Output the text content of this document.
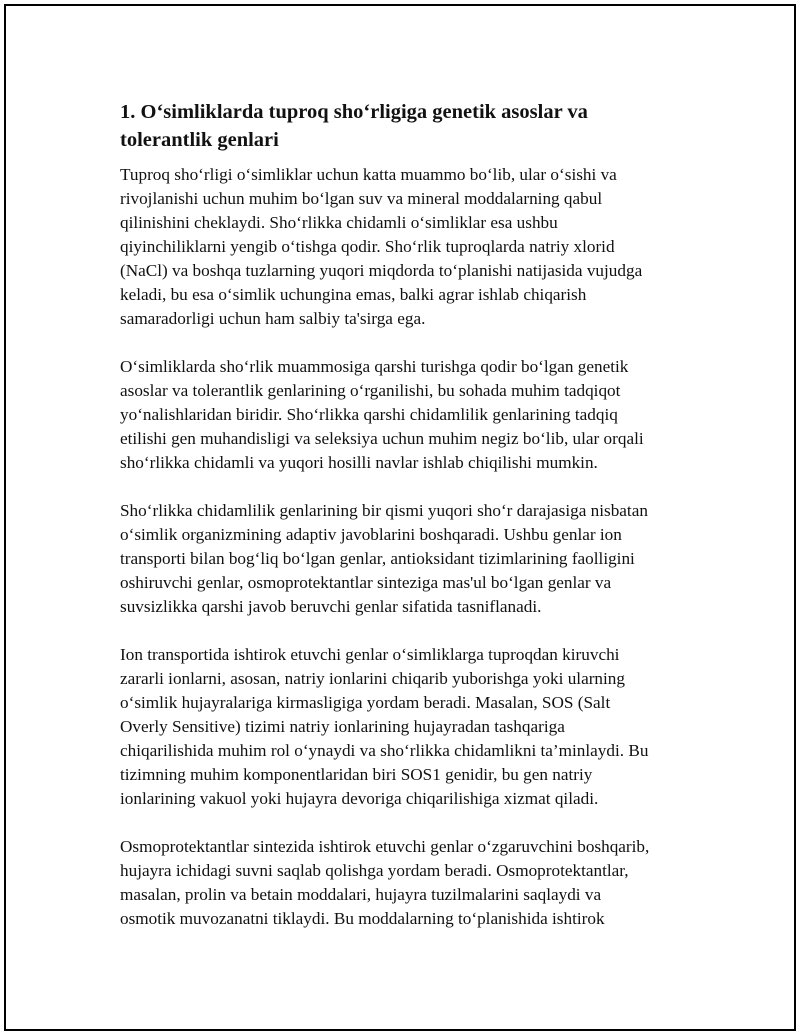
1. O‘simliklarda tuproq sho‘rligiga genetik asoslar va
tolerantlik genlari

Tuproq sho‘rligi o‘simliklar uchun katta muammo bo‘lib, ular o‘sishi va
rivojlanishi uchun muhim bo‘lgan suv va mineral moddalarning qabul
qilinishini cheklaydi. Sho‘rlikka chidamli o‘simliklar esa ushbu
qiyinchiliklarni yengib o‘tishga qodir. Sho‘rlik tuproqlarda natriy xlorid
(NaCl) va boshqa tuzlarning yuqori miqdorda to‘planishi natijasida vujudga
keladi, bu esa o‘simlik uchungina emas, balki agrar ishlab chiqarish
samaradorligi uchun ham salbiy ta'sirga ega.

O‘simliklarda sho‘rlik muammosiga qarshi turishga qodir bo‘lgan genetik
asoslar va tolerantlik genlarining o‘rganilishi, bu sohada muhim tadqiqot
yo‘nalishlaridan biridir. Sho‘rlikka qarshi chidamlilik genlarining tadqiq
etilishi gen muhandisligi va seleksiya uchun muhim negiz bo‘lib, ular orqali
sho‘rlikka chidamli va yuqori hosilli navlar ishlab chiqilishi mumkin.

Sho‘rlikka chidamlilik genlarining bir qismi yuqori sho‘r darajasiga nisbatan
o‘simlik organizmining adaptiv javoblarini boshqaradi. Ushbu genlar ion
transporti bilan bog‘liq bo‘lgan genlar, antioksidant tizimlarining faolligini
oshiruvchi genlar, osmoprotektantlar sinteziga mas'ul bo‘lgan genlar va
suvsizlikka qarshi javob beruvchi genlar sifatida tasniflanadi.

Ion transportida ishtirok etuvchi genlar o‘simliklarga tuproqdan kiruvchi
zararli ionlarni, asosan, natriy ionlarini chiqarib yuborishga yoki ularning
o‘simlik hujayralariga kirmasligiga yordam beradi. Masalan, SOS (Salt
Overly Sensitive) tizimi natriy ionlarining hujayradan tashqariga
chiqarilishida muhim rol o‘ynaydi va sho‘rlikka chidamlikni ta’minlaydi. Bu
tizimning muhim komponentlaridan biri SOS1 genidir, bu gen natriy
ionlarining vakuol yoki hujayra devoriga chiqarilishiga xizmat qiladi.

Osmoprotektantlar sintezida ishtirok etuvchi genlar o‘zgaruvchini boshqarib,
hujayra ichidagi suvni saqlab qolishga yordam beradi. Osmoprotektantlar,
masalan, prolin va betain moddalari, hujayra tuzilmalarini saqlaydi va
osmotik muvozanatni tiklaydi. Bu moddalarning to‘planishida ishtirok
